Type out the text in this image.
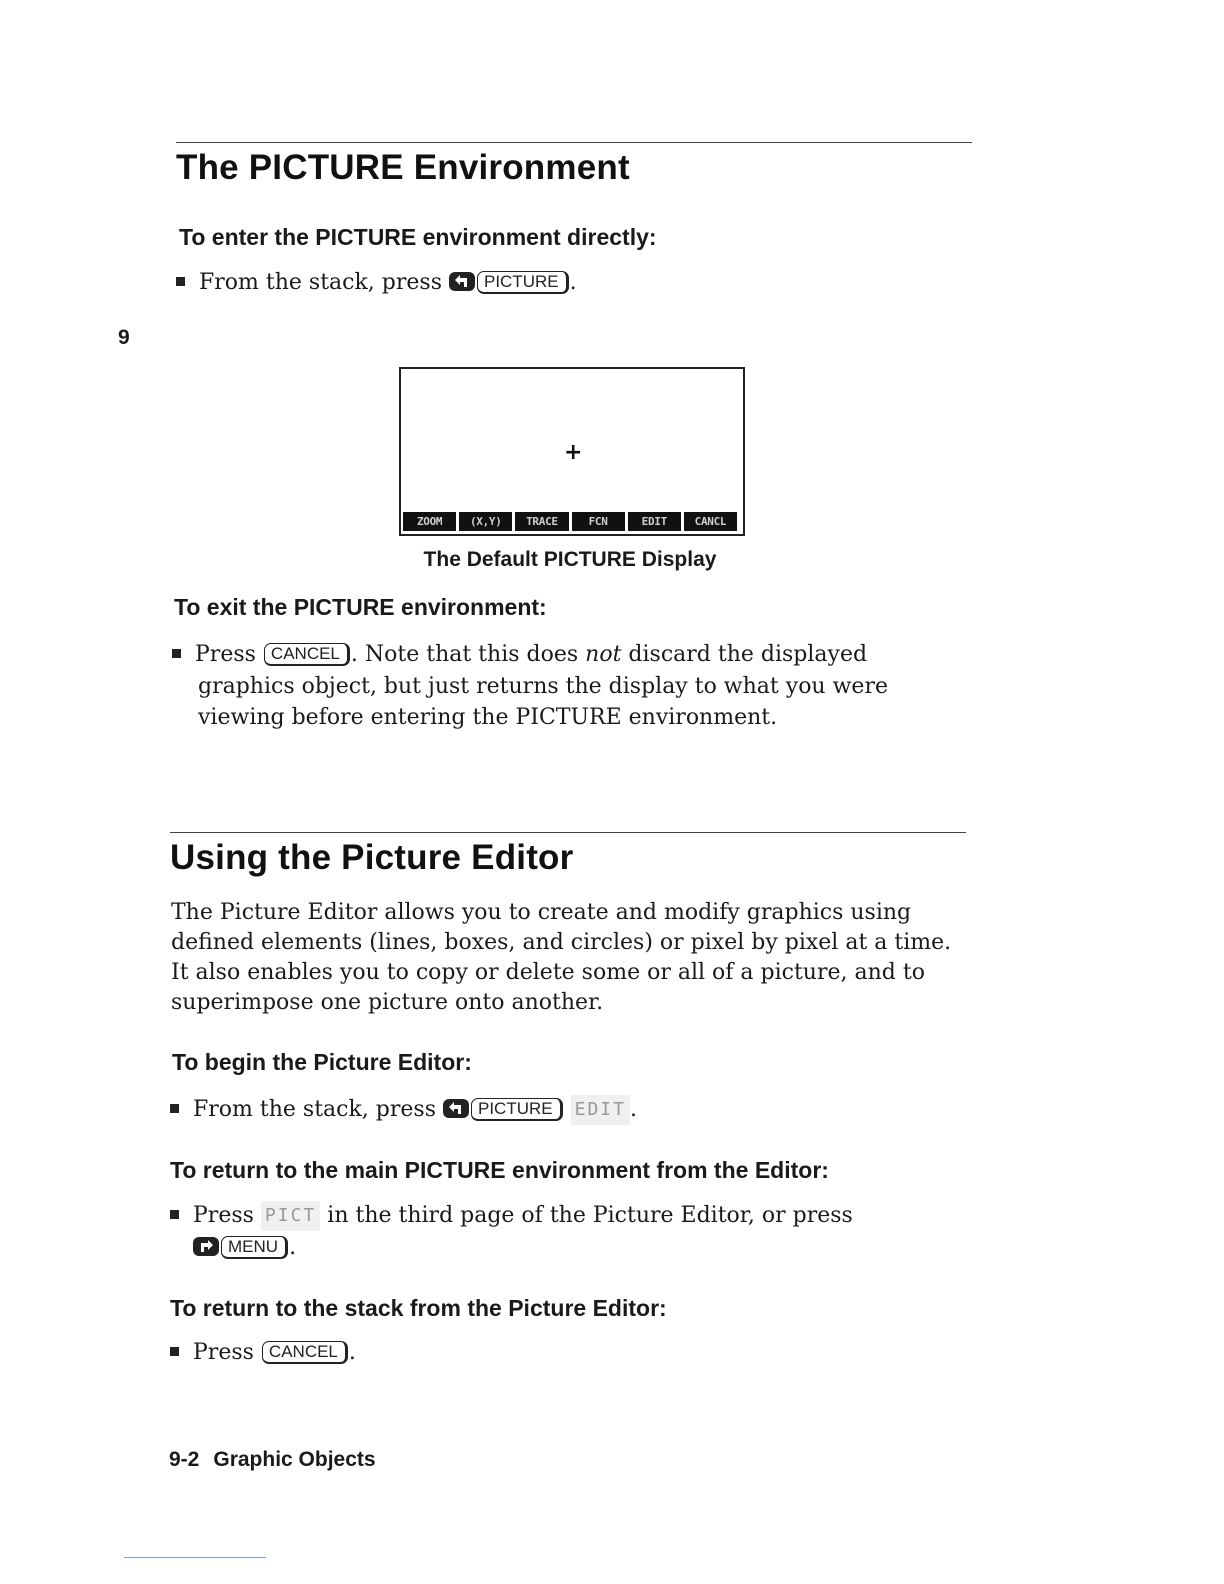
The PICTURE Environment
To enter the PICTURE environment directly:
From the stack, press PICTURE .
9
+
ZOOM	(X,Y)	TRACE	FCN	EDIT	CANCL
The Default PICTURE Display
To exit the PICTURE environment:
Press CANCEL . Note that this does not discard the displayed
graphics object, but just returns the display to what you were
viewing before entering the PICTURE environment.
Using the Picture Editor
The Picture Editor allows you to create and modify graphics using
defined elements (lines, boxes, and circles) or pixel by pixel at a time.
It also enables you to copy or delete some or all of a picture, and to
superimpose one picture onto another.
To begin the Picture Editor:
From the stack, press PICTURE EDIT .
To return to the main PICTURE environment from the Editor:
Press PICT in the third page of the Picture Editor, or press
MENU .
To return to the stack from the Picture Editor:
Press CANCEL .
9-2 Graphic Objects
